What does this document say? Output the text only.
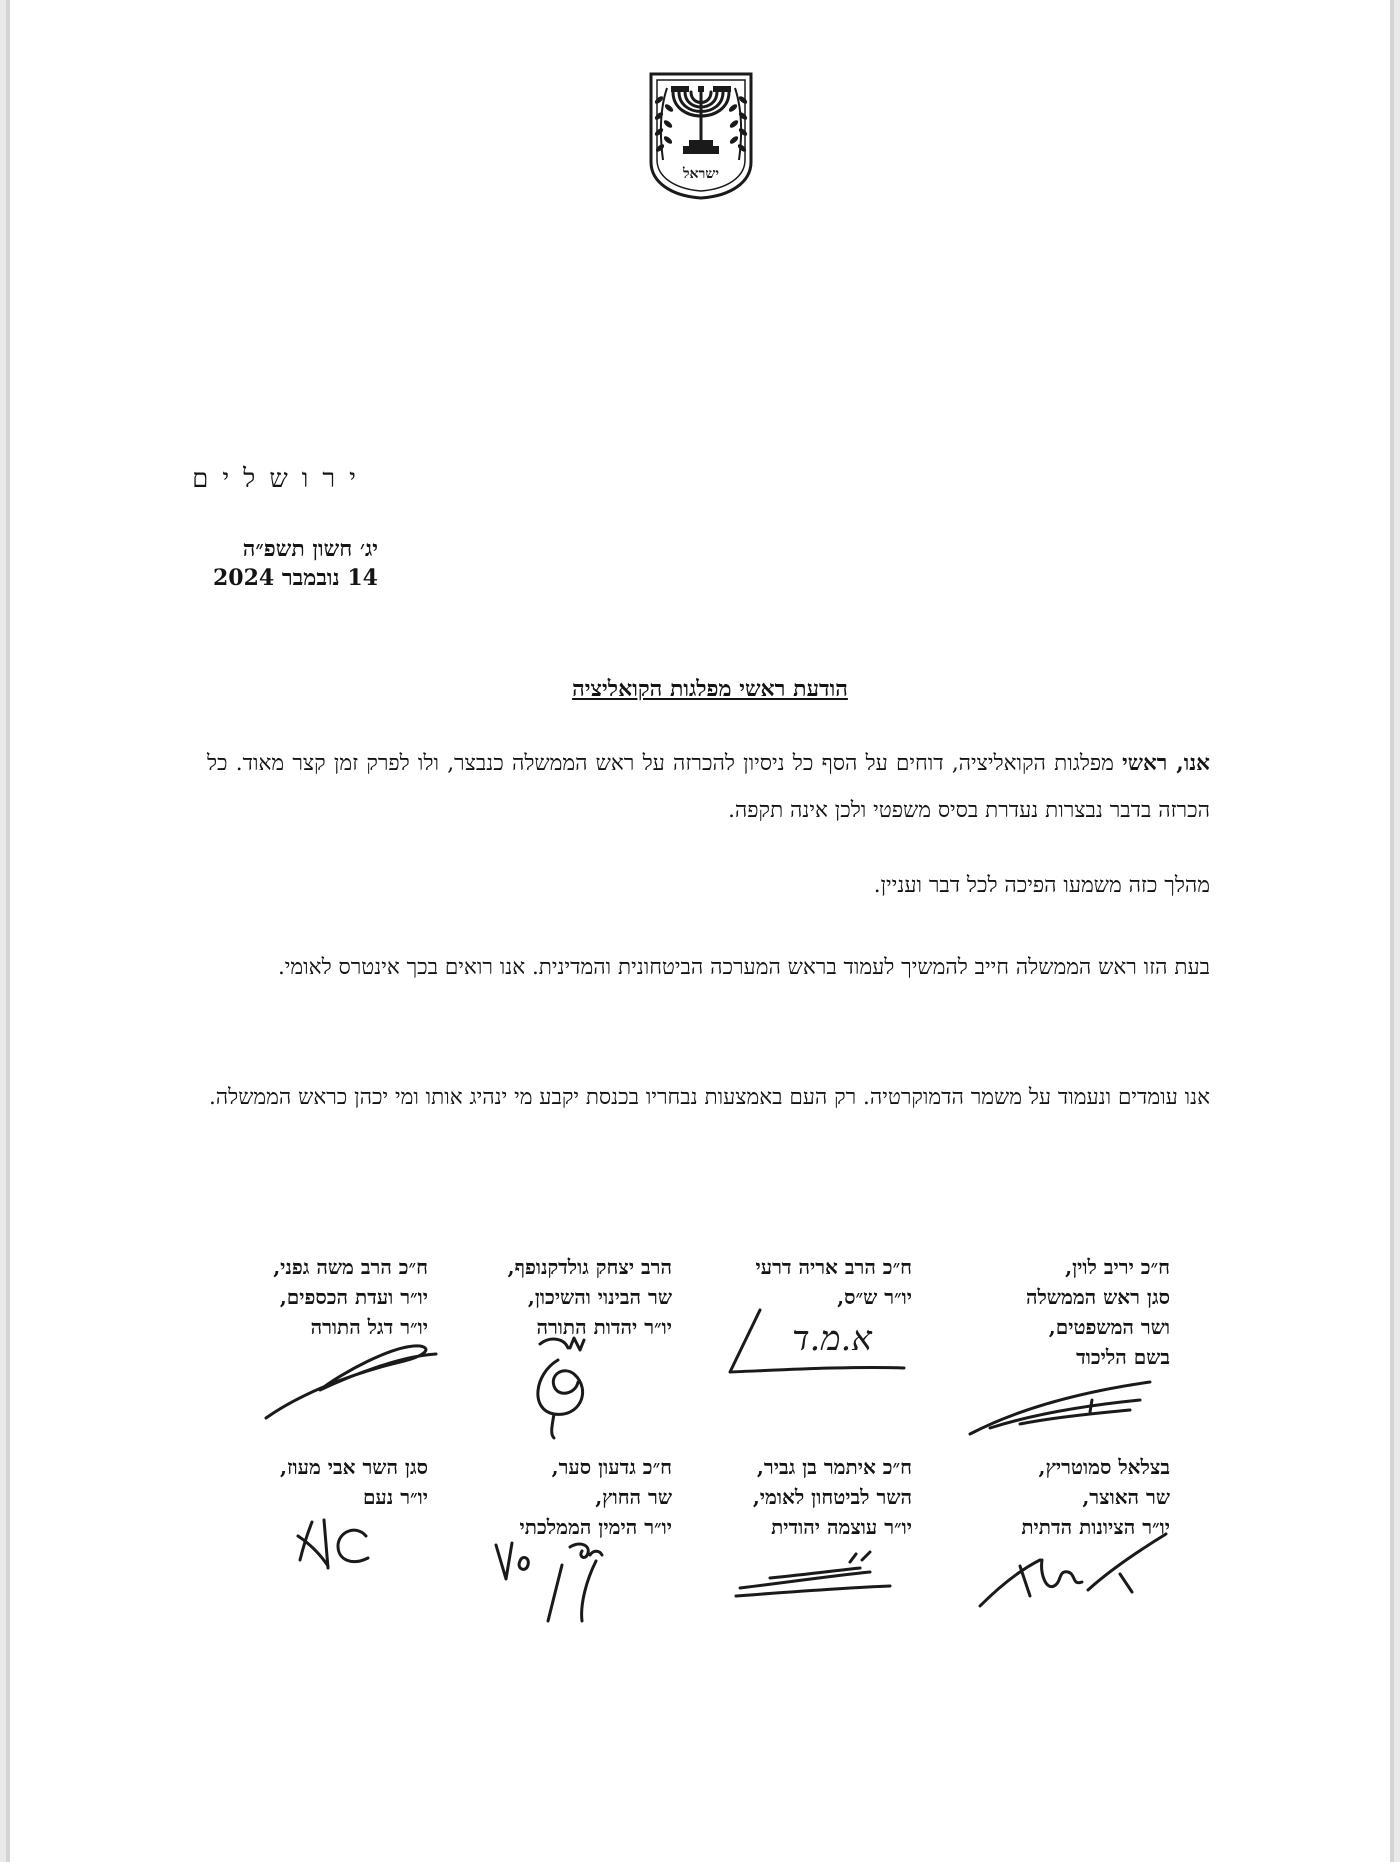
ישראל
ירושלים
יג׳ חשון תשפ״ה
14 נובמבר 2024
הודעת ראשי מפלגות הקואליציה
אנו, ראשי מפלגות הקואליציה, דוחים על הסף כל ניסיון להכרזה על ראש הממשלה כנבצר, ולו לפרק זמן קצר מאוד. כל הכרזה בדבר נבצרות נעדרת בסיס משפטי ולכן אינה תקפה.
מהלך כזה משמעו הפיכה לכל דבר ועניין.
בעת הזו ראש הממשלה חייב להמשיך לעמוד בראש המערכה הביטחונית והמדינית. אנו רואים בכך אינטרס לאומי.
אנו עומדים ונעמוד על משמר הדמוקרטיה. רק העם באמצעות נבחריו בכנסת יקבע מי ינהיג אותו ומי יכהן כראש הממשלה.
ח״כ יריב לוין,
סגן ראש הממשלה
ושר המשפטים,
בשם הליכוד
ח״כ הרב אריה דרעי
יו״ר ש״ס,
הרב יצחק גולדקנופף,
שר הבינוי והשיכון,
יו״ר יהדות התורה
ח״כ הרב משה גפני,
יו״ר ועדת הכספים,
יו״ר דגל התורה	א.מ.ד
בצלאל סמוטריץ,
שר האוצר,
יו״ר הציונות הדתית
ח״כ איתמר בן גביר,
השר לביטחון לאומי,
יו״ר עוצמה יהודית
ח״כ גדעון סער,
שר החוץ,
יו״ר הימין הממלכתי
סגן השר אבי מעוז,
יו״ר נעם
